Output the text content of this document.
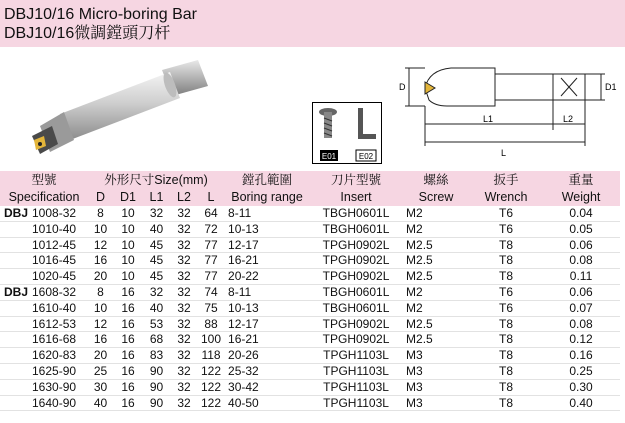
DBJ10/16 Micro-boring Bar
DBJ10/16微調鏜頭刀杆
E01	E02
D	D1
L1	L2
L
型號	外形尺寸Size(mm)					鏜孔範圍	刀片型號	螺絲	扳手	重量
Specification	D	D1	L1	L2	L	Boring range	Insert	Screw	Wrench	Weight
DBJ 1008-32	8	10	32	32	64	8-11	TBGH0601L	M2	T6	0.04
1010-40	10	10	40	32	72	10-13	TBGH0601L	M2	T6	0.05
1012-45	12	10	45	32	77	12-17	TPGH0902L	M2.5	T8	0.06
1016-45	16	10	45	32	77	16-21	TPGH0902L	M2.5	T8	0.08
1020-45	20	10	45	32	77	20-22	TPGH0902L	M2.5	T8	0.11
DBJ 1608-32	8	16	32	32	74	8-11	TBGH0601L	M2	T6	0.06
1610-40	10	16	40	32	75	10-13	TBGH0601L	M2	T6	0.07
1612-53	12	16	53	32	88	12-17	TPGH0902L	M2.5	T8	0.08
1616-68	16	16	68	32	100	16-21	TPGH0902L	M2.5	T8	0.12
1620-83	20	16	83	32	118	20-26	TPGH1103L	M3	T8	0.16
1625-90	25	16	90	32	122	25-32	TPGH1103L	M3	T8	0.25
1630-90	30	16	90	32	122	30-42	TPGH1103L	M3	T8	0.30
1640-90	40	16	90	32	122	40-50	TPGH1103L	M3	T8	0.40
